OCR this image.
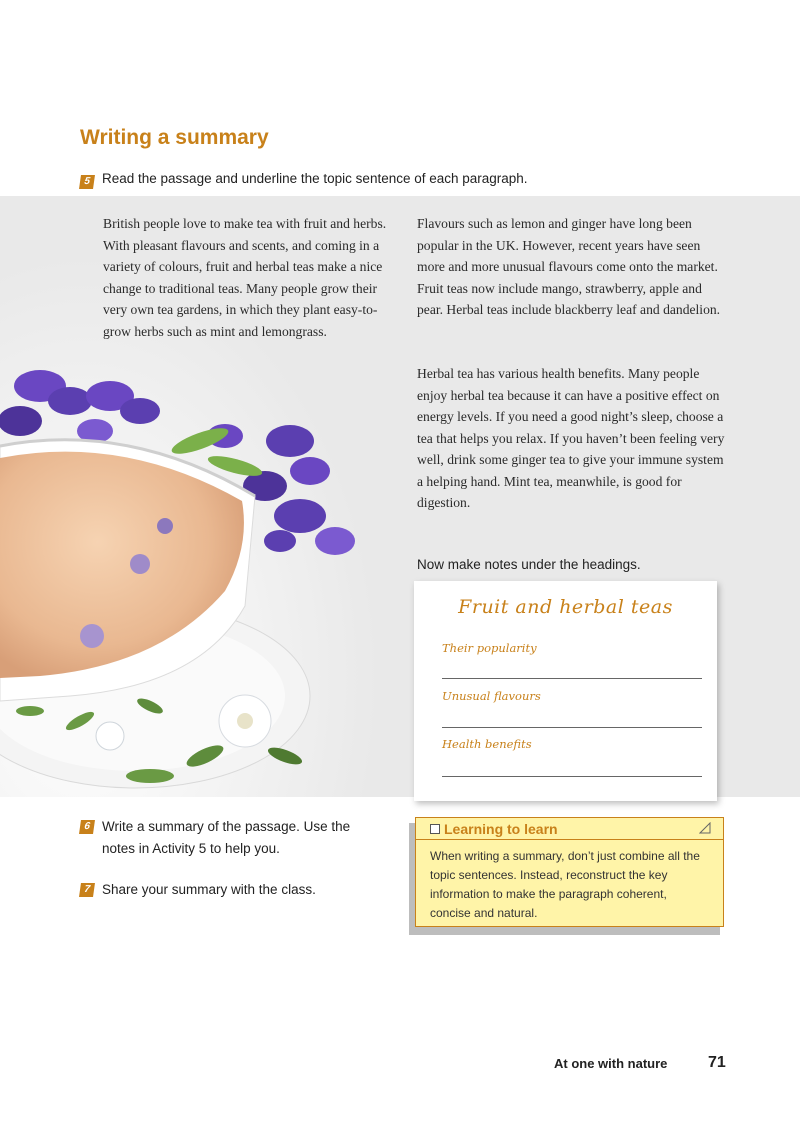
Writing a summary
5 Read the passage and underline the topic sentence of each paragraph.
British people love to make tea with fruit and herbs. With pleasant flavours and scents, and coming in a variety of colours, fruit and herbal teas make a nice change to traditional teas. Many people grow their very own tea gardens, in which they plant easy-to-grow herbs such as mint and lemongrass.
Flavours such as lemon and ginger have long been popular in the UK. However, recent years have seen more and more unusual flavours come onto the market. Fruit teas now include mango, strawberry, apple and pear. Herbal teas include blackberry leaf and dandelion.
Herbal tea has various health benefits. Many people enjoy herbal tea because it can have a positive effect on energy levels. If you need a good night’s sleep, choose a tea that helps you relax. If you haven’t been feeling very well, drink some ginger tea to give your immune system a helping hand. Mint tea, meanwhile, is good for digestion.
Now make notes under the headings.
Fruit and herbal teas
Their popularity
Unusual flavours
Health benefits
6 Write a summary of the passage. Use the notes in Activity 5 to help you.
7 Share your summary with the class.
Learning to learn
When writing a summary, don’t just combine all the topic sentences. Instead, reconstruct the key information to make the paragraph coherent, concise and natural.
At one with nature	71
